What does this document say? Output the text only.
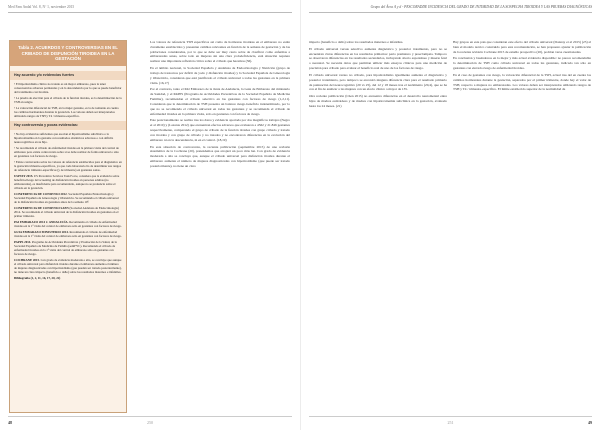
Med Fam Andal Vol. 8, Nº 1, noviembre 2015
Tabla 2. ACUERDOS Y CONTROVERSIAS EN EL CRIBADO DE DISFUNCIÓN TIROIDEA EN LA GESTACIÓN
Hay acuerdo y/o evidencias fuertes

• El hipotiroidismo clínico no tratado es un mayor embarazo, pues la tener consecuencias adversas perinatales y en la descendencia por lo que se puede beneficiar del tratamiento con tiroxina.

• La prueba de elección para el cribado de la función tiroidea, es la determinación de la TSH en sangre.

• La valoración diferencial de TSH, en la mujer gestante, es la de tomando en cuenta los cambios hormonales durante la gestación. Los valores deben ser interpretados utilizando rangos de TSH y T4 / trimestre-específico.

Hay controversia y pocas evidencias:

• No hay evidencias suficientes que asocian el hipotiroidismo subclínico o la hipotiroxinemia en la gestante con resultados obstétricos adversos o con déficits neurocognitivos en su hijo.

• Se recomienda el cribado de enfermedad tiroidea en la primera visita del control de embarazo pero existe controversia sobre si se debe realizar de forma universal o sólo en gestantes con factores de riesgo.

• Existe controversia sobre los valores de referencia establecidos para el diagnóstico en la gestación trimestre-específicos, ya que cada laboratorio ha de determinar sus rangos de referencia trimestre-específicos (y de trimestre) en gestantes sanas.

USPSTF 2015. US Preventive Services Task Force, considera que la evidencia sobre beneficio/riesgo del screening de disfunción tiroidea en personas adultas (no embarazadas), es insuficiente para recomendarlo, aunque no se pronuncia sobre el cribado en la gestación.

CONFERENCIA DE CONSENSO 2012. Sociedad Española Endocrinología y Sociedad Española de Ginecología y Obstetricia. Se recomienda el cribado universal de la disfunción tiroidea en gestantes antes de la semana 10ª.

CONFERENCIA DE CONSENSO SAEN (Sociedad Andaluza de Endocrinología) 2014. Se recomienda el cribado universal de la disfunción tiroidea en gestantes en el primer trimestre.

PAI EMBARAZO 2014 J. ANDALUCÍA. Recomienda el cribado de enfermedad tiroidea en la 1ª visita del control de embarazo sólo en gestantes con factores de riesgo.

GUIA EMBARAZO MINISTERIO 2014. Recomienda el cribado de enfermedad tiroidea en la 1ª visita del control de embarazo sólo en gestantes con factores de riesgo.

PAPPS 2014. Programa de Actividades Preventivas y Promoción de la Salud, de la Sociedad Española de Medicina de Familia (semFYC). Recomienda el cribado de enfermedad tiroidea en la 1ª visita del control de embarazo sólo en gestantes con factores de riesgo.

COCHRANE 2015. Con grado de evidencia moderada o alta, se concluye que aunque el cribado universal para disfunción tiroidea durante el embarazo aumenta el número de mujeres diagnosticadas con hipotiroidismo (que pueden ser tratado posteriormente), no tiene un claro impacto (beneficio o daño) sobre los resultados maternos e infantiles.

Bibliografía (1, 2, 11, 16, 17, 20, 22)

Los valores de referencia TSH específicos así como de hormonas tiroideas en el embarazo no están claramente establecidos y presentan cambios relevantes en función de la semana de gestación y de las poblaciones consideradas, por lo que se debe ser muy cauto sobre de clasificar como enfermas a embarazadas sanas, sobre todo en mujeres sin una clara yododeficiencia, está situación requiere realizar una importante reflexión crítica sobre el cribado que hacemos (36).

En el ámbito nacional, la Sociedad Española y Andaluza de Endocrinología y Nutrición (grupo de trabajo de trastornos por déficit de yodo y disfunción tiroidea) y la Sociedad Española de Ginecología y Obstetricia, consideran que está justificado el cribado universal a todas las gestantes en la primera visita. (16,17)

Por el contrario, tanto el PAI Embarazo de la Junta de Andalucía, la Guía de Embarazo del ministerio de Sanidad, y el PAPPS (Programa de Actividades Preventivas de la Sociedad Española de Medicina Familiar), recomiendan el cribado selectivo en las gestantes con factores de riesgo (1,2,11). Consideran que la determinación de TSH presenta un balance riesgo-beneficio indeterminado, por lo que no se recomienda el cribado universal en todas las gestantes y se recomienda el cribado de enfermedad tiroidea en la primera visita, sólo en gestantes con factores de riesgo.

Este posicionamiento se realiza tras los datos y evidencia aportada por dos magníficos trabajos (Negro et al 2010) y (Lazarus 2012) que encuentran efectos adversos que evaluaron a 4562 y 21.846 gestantes respectivamente, comparando el grupo de cribado de la función tiroidea con grupo cribado y tratado con tiroxina y con grupo de cribado y no tratados y no encontraron diferencias en la evolución del embarazo ni en la descendencia, ni en el control. (18,19)

En esta situación de controversia, la reciente publicación (septiembre 2015) de una revisión sistemática de la Cochrane (20), pretendemos que arrojará un poco más luz. Con grado de evidencia moderada a alta se concluye que, aunque el cribado universal para disfunción tiroidea durante el embarazo aumenta el número de mujeres diagnosticadas con hipotiroidismo (que puede ser tratado posteriormente), no tiene un claro

48	250
Grupo del Área A y d - PESCORADDE INCIDENCIA DEL GRADO DE INTIMIDAD DE LA SOSPECHA TIROIDEA Y LAS PRUEBAS DIAGNÓSTICAS

impacto (beneficio o daño) sobre los resultados maternos e infantiles.

El cribado universal versus selectivo aumenta diagnóstico y posterior tratamiento, pero no se encuentran claras diferencias en los resultados primarios: parto prematuro y preeclampsia. Tampoco se observaron diferencias en los resultados secundarios, incluyendo aborto espontáneo y muerte fetal o neonatal. Se necesita datos que permitan utilizar más ensayos clínicos para una medición de precisión para cribado para evaluar el beneficio real de uno de los factores de riesgo.

El cribado universal versus no cribado, para hipotiroidismo igualmente aumenta el diagnóstico y posterior tratamiento, pero tampoco se encontró ninguna diferencia clara para el resultado primario de puntuación del neurocognitivo (20 vs 25), del 12 y 18 meses tras el nacimiento (20,4), que se ha con el fin de analizar a las mujeres con un efecto clínico a mayor de 135.

Otra reciente publicación (Chen 2015) no encuentra diferencias en el desarrollo neuromental entre hijos de madres eutiroideas y de madres con hipotiroxinemia subclínica en la gestación, evaluado hasta los 24 meses. (21)

Hay grupos en este país que consideran este efecto del cribado universal (Donnay et al 2015) (23) al bien el modelo teórico construido para esta recomendación, se han propuesto ajustar la publicación de la reciente revisión Cochrane 2015 de estudio prospectivo (20), podrían verse cuestionadas.

En conclusión y basándonos en la mejor y más actual evidencia disponible: no parece recomendable la determinación de TSH como cribado universal en todas las gestantes, indicado tan sólo en gestantes con elevado riesgo de enfermedad tiroidea.

En el caso de gestantes con riesgo, la valoración diferencial de la TSH, actual tras del en cuenta los cambios hormonales durante la gestación, separados por el primer trimestre, donde hay el valor de TSH, respecto a mujeres no embarazadas. Los valores deben ser interpretados utilizando rangos de TSH y T4 / trimestre-específico. El límite establecido superior de la normalidad de

251	49
